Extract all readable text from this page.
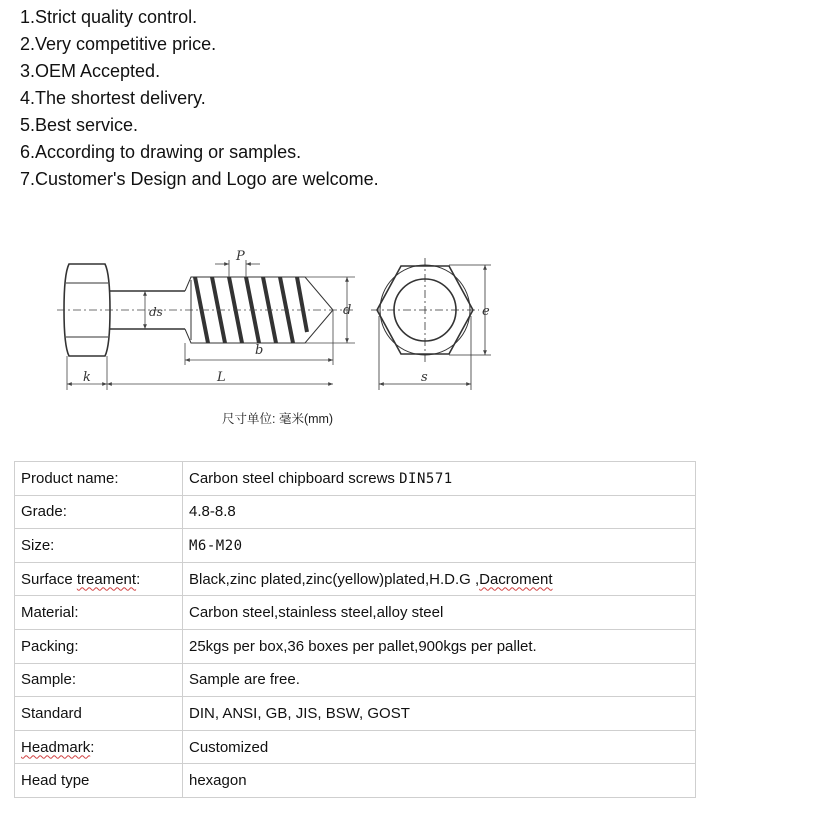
1.Strict quality control.
2.Very competitive price.
3.OEM Accepted.
4.The shortest delivery.
5.Best service.
6.According to drawing or samples.
7.Customer's Design and Logo are welcome.
P
ds	d
b
k	L
e
s
尺寸单位: 毫米(mm)
Product name:	Carbon steel chipboard screws DIN571
Grade:	4.8-8.8
Size:	M6-M20
Surface treament:	Black,zinc plated,zinc(yellow)plated,H.D.G ,Dacroment
Material:	Carbon steel,stainless steel,alloy steel
Packing:	25kgs per box,36 boxes per pallet,900kgs per pallet.
Sample:	Sample are free.
Standard	DIN, ANSI, GB, JIS, BSW, GOST
Headmark:	Customized
Head type	hexagon
